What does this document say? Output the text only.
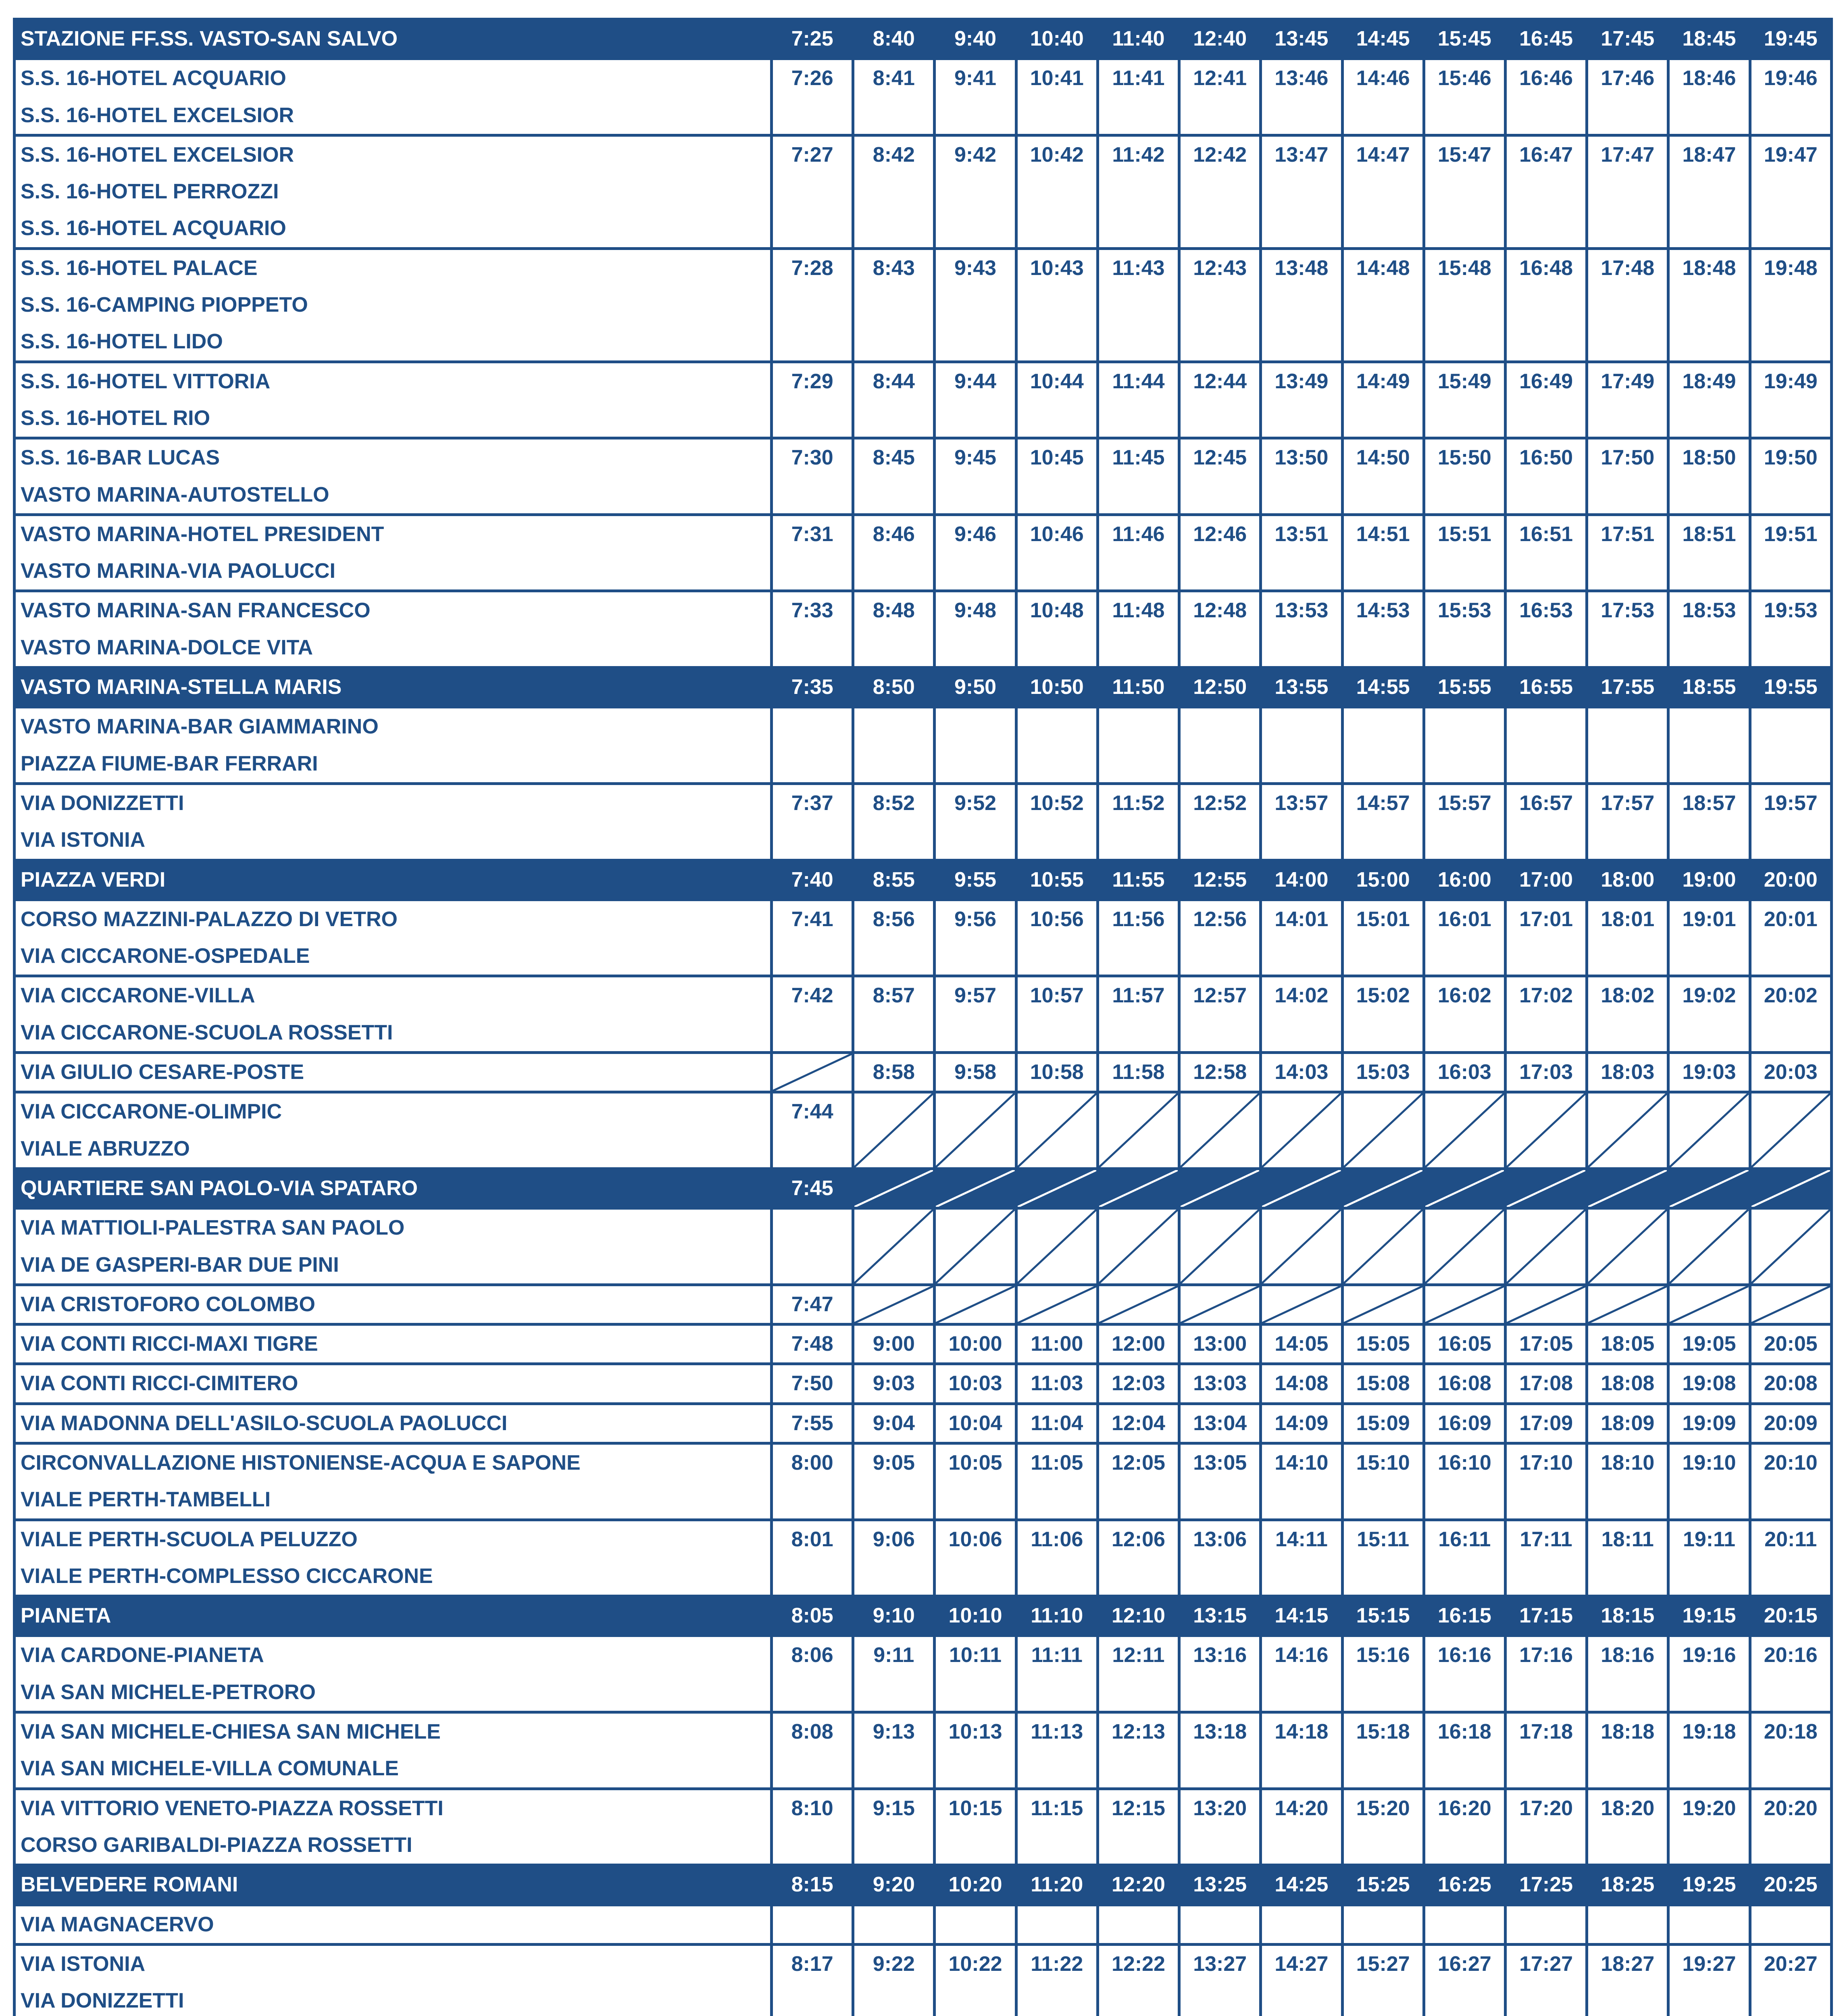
STAZIONE FF.SS. VASTO-SAN SALVO	7:25	8:40	9:40	10:40	11:40	12:40	13:45	14:45	15:45	16:45	17:45	18:45	19:45

S.S. 16-HOTEL ACQUARIO
S.S. 16-HOTEL EXCELSIOR	7:26	8:41	9:41	10:41	11:41	12:41	13:46	14:46	15:46	16:46	17:46	18:46	19:46

S.S. 16-HOTEL EXCELSIOR
S.S. 16-HOTEL PERROZZI
S.S. 16-HOTEL ACQUARIO	7:27	8:42	9:42	10:42	11:42	12:42	13:47	14:47	15:47	16:47	17:47	18:47	19:47

S.S. 16-HOTEL PALACE
S.S. 16-CAMPING PIOPPETO
S.S. 16-HOTEL LIDO	7:28	8:43	9:43	10:43	11:43	12:43	13:48	14:48	15:48	16:48	17:48	18:48	19:48

S.S. 16-HOTEL VITTORIA
S.S. 16-HOTEL RIO	7:29	8:44	9:44	10:44	11:44	12:44	13:49	14:49	15:49	16:49	17:49	18:49	19:49

S.S. 16-BAR LUCAS
VASTO MARINA-AUTOSTELLO	7:30	8:45	9:45	10:45	11:45	12:45	13:50	14:50	15:50	16:50	17:50	18:50	19:50

VASTO MARINA-HOTEL PRESIDENT
VASTO MARINA-VIA PAOLUCCI	7:31	8:46	9:46	10:46	11:46	12:46	13:51	14:51	15:51	16:51	17:51	18:51	19:51

VASTO MARINA-SAN FRANCESCO
VASTO MARINA-DOLCE VITA	7:33	8:48	9:48	10:48	11:48	12:48	13:53	14:53	15:53	16:53	17:53	18:53	19:53

VASTO MARINA-STELLA MARIS	7:35	8:50	9:50	10:50	11:50	12:50	13:55	14:55	15:55	16:55	17:55	18:55	19:55

VASTO MARINA-BAR GIAMMARINO
PIAZZA FIUME-BAR FERRARI													

VIA DONIZZETTI
VIA ISTONIA	7:37	8:52	9:52	10:52	11:52	12:52	13:57	14:57	15:57	16:57	17:57	18:57	19:57

PIAZZA VERDI	7:40	8:55	9:55	10:55	11:55	12:55	14:00	15:00	16:00	17:00	18:00	19:00	20:00

CORSO MAZZINI-PALAZZO DI VETRO
VIA CICCARONE-OSPEDALE	7:41	8:56	9:56	10:56	11:56	12:56	14:01	15:01	16:01	17:01	18:01	19:01	20:01

VIA CICCARONE-VILLA
VIA CICCARONE-SCUOLA ROSSETTI	7:42	8:57	9:57	10:57	11:57	12:57	14:02	15:02	16:02	17:02	18:02	19:02	20:02

VIA GIULIO CESARE-POSTE		8:58	9:58	10:58	11:58	12:58	14:03	15:03	16:03	17:03	18:03	19:03	20:03

VIA CICCARONE-OLIMPIC
VIALE ABRUZZO	7:44

QUARTIERE SAN PAOLO-VIA SPATARO	7:45

VIA MATTIOLI-PALESTRA SAN PAOLO
VIA DE GASPERI-BAR DUE PINI

VIA CRISTOFORO COLOMBO	7:47

VIA CONTI RICCI-MAXI TIGRE	7:48	9:00	10:00	11:00	12:00	13:00	14:05	15:05	16:05	17:05	18:05	19:05	20:05

VIA CONTI RICCI-CIMITERO	7:50	9:03	10:03	11:03	12:03	13:03	14:08	15:08	16:08	17:08	18:08	19:08	20:08

VIA MADONNA DELL'ASILO-SCUOLA PAOLUCCI	7:55	9:04	10:04	11:04	12:04	13:04	14:09	15:09	16:09	17:09	18:09	19:09	20:09

CIRCONVALLAZIONE HISTONIENSE-ACQUA E SAPONE
VIALE PERTH-TAMBELLI	8:00	9:05	10:05	11:05	12:05	13:05	14:10	15:10	16:10	17:10	18:10	19:10	20:10

VIALE PERTH-SCUOLA PELUZZO
VIALE PERTH-COMPLESSO CICCARONE	8:01	9:06	10:06	11:06	12:06	13:06	14:11	15:11	16:11	17:11	18:11	19:11	20:11

PIANETA	8:05	9:10	10:10	11:10	12:10	13:15	14:15	15:15	16:15	17:15	18:15	19:15	20:15

VIA CARDONE-PIANETA
VIA SAN MICHELE-PETRORO	8:06	9:11	10:11	11:11	12:11	13:16	14:16	15:16	16:16	17:16	18:16	19:16	20:16

VIA SAN MICHELE-CHIESA SAN MICHELE
VIA SAN MICHELE-VILLA COMUNALE	8:08	9:13	10:13	11:13	12:13	13:18	14:18	15:18	16:18	17:18	18:18	19:18	20:18

VIA VITTORIO VENETO-PIAZZA ROSSETTI
CORSO GARIBALDI-PIAZZA ROSSETTI	8:10	9:15	10:15	11:15	12:15	13:20	14:20	15:20	16:20	17:20	18:20	19:20	20:20

BELVEDERE ROMANI	8:15	9:20	10:20	11:20	12:20	13:25	14:25	15:25	16:25	17:25	18:25	19:25	20:25

VIA MAGNACERVO													

VIA ISTONIA
VIA DONIZZETTI	8:17	9:22	10:22	11:22	12:22	13:27	14:27	15:27	16:27	17:27	18:27	19:27	20:27
